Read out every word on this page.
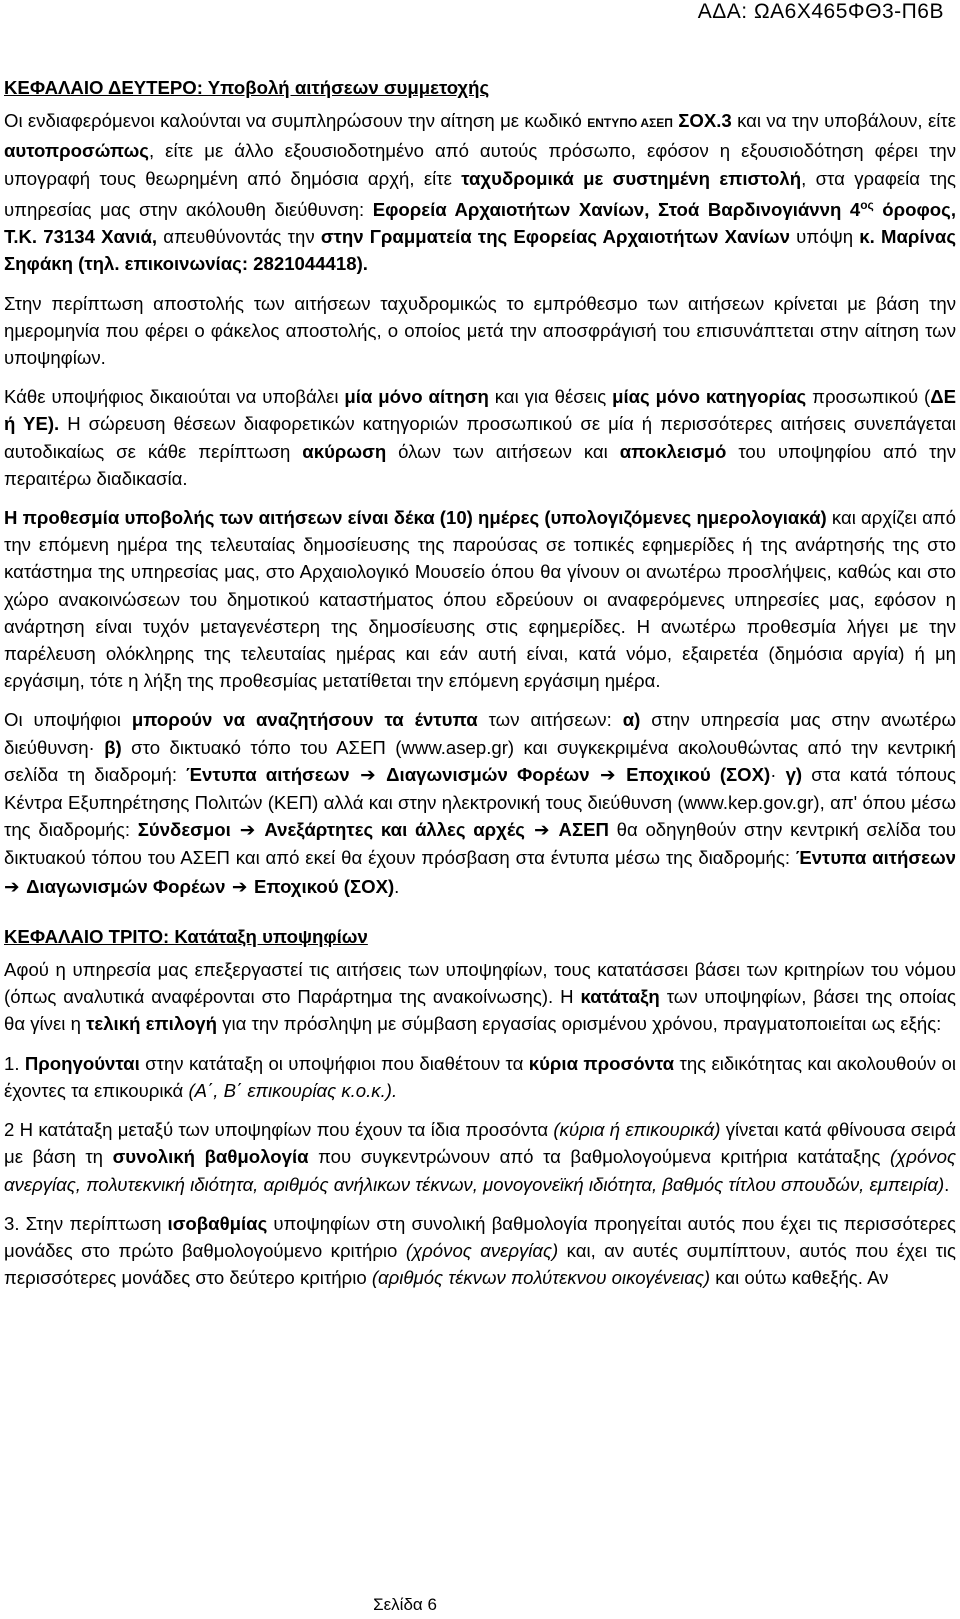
ΑΔΑ: ΩΑ6Χ465ΦΘ3-Π6Β

ΚΕΦΑΛΑΙΟ ΔΕΥΤΕΡΟ: Υποβολή αιτήσεων συμμετοχής

Οι ενδιαφερόμενοι καλούνται να συμπληρώσουν την αίτηση με κωδικό ΕΝΤΥΠΟ ΑΣΕΠ ΣΟΧ.3 και να την υποβάλουν, είτε αυτοπροσώπως, είτε με άλλο εξουσιοδοτημένο από αυτούς πρόσωπο, εφόσον η εξουσιοδότηση φέρει την υπογραφή τους θεωρημένη από δημόσια αρχή, είτε ταχυδρομικά με συστημένη επιστολή, στα γραφεία της υπηρεσίας μας στην ακόλουθη διεύθυνση: Εφορεία Αρχαιοτήτων Χανίων, Στοά Βαρδινογιάννη $4^{o\varsigma}$ όροφος, Τ.Κ. 73134 Χανιά, απευθύνοντάς την στην Γραμματεία της Εφορείας Αρχαιοτήτων Χανίων υπόψη κ. Μαρίνας Σηφάκη (τηλ. επικοινωνίας: 2821044418).

Στην περίπτωση αποστολής των αιτήσεων ταχυδρομικώς το εμπρόθεσμο των αιτήσεων κρίνεται με βάση την ημερομηνία που φέρει ο φάκελος αποστολής, ο οποίος μετά την αποσφράγισή του επισυνάπτεται στην αίτηση των υποψηφίων.

Κάθε υποψήφιος δικαιούται να υποβάλει μία μόνο αίτηση και για θέσεις μίας μόνο κατηγορίας προσωπικού (ΔΕ ή ΥΕ). Η σώρευση θέσεων διαφορετικών κατηγοριών προσωπικού σε μία ή περισσότερες αιτήσεις συνεπάγεται αυτοδικαίως σε κάθε περίπτωση ακύρωση όλων των αιτήσεων και αποκλεισμό του υποψηφίου από την περαιτέρω διαδικασία.

Η προθεσμία υποβολής των αιτήσεων είναι δέκα (10) ημέρες (υπολογιζόμενες ημερολογιακά) και αρχίζει από την επόμενη ημέρα της τελευταίας δημοσίευσης της παρούσας σε τοπικές εφημερίδες ή της ανάρτησής της στο κατάστημα της υπηρεσίας μας, στο Αρχαιολογικό Μουσείο όπου θα γίνουν οι ανωτέρω προσλήψεις, καθώς και στο χώρο ανακοινώσεων του δημοτικού καταστήματος όπου εδρεύουν οι αναφερόμενες υπηρεσίες μας, εφόσον η ανάρτηση είναι τυχόν μεταγενέστερη της δημοσίευσης στις εφημερίδες. Η ανωτέρω προθεσμία λήγει με την παρέλευση ολόκληρης της τελευταίας ημέρας και εάν αυτή είναι, κατά νόμο, εξαιρετέα (δημόσια αργία) ή μη εργάσιμη, τότε η λήξη της προθεσμίας μετατίθεται την επόμενη εργάσιμη ημέρα.

Οι υποψήφιοι μπορούν να αναζητήσουν τα έντυπα των αιτήσεων: α) στην υπηρεσία μας στην ανωτέρω διεύθυνση· β) στο δικτυακό τόπο του ΑΣΕΠ (www.asep.gr) και συγκεκριμένα ακολουθώντας από την κεντρική σελίδα τη διαδρομή: Έντυπα αιτήσεων ➔ Διαγωνισμών Φορέων ➔ Εποχικού (ΣΟΧ)· γ) στα κατά τόπους Κέντρα Εξυπηρέτησης Πολιτών (ΚΕΠ) αλλά και στην ηλεκτρονική τους διεύθυνση (www.kep.gov.gr), απ' όπου μέσω της διαδρομής: Σύνδεσμοι ➔ Ανεξάρτητες και άλλες αρχές ➔ ΑΣΕΠ θα οδηγηθούν στην κεντρική σελίδα του δικτυακού τόπου του ΑΣΕΠ και από εκεί θα έχουν πρόσβαση στα έντυπα μέσω της διαδρομής: Έντυπα αιτήσεων ➔ Διαγωνισμών Φορέων ➔ Εποχικού (ΣΟΧ).

ΚΕΦΑΛΑΙΟ ΤΡΙΤΟ: Κατάταξη υποψηφίων

Αφού η υπηρεσία μας επεξεργαστεί τις αιτήσεις των υποψηφίων, τους κατατάσσει βάσει των κριτηρίων του νόμου (όπως αναλυτικά αναφέρονται στο Παράρτημα της ανακοίνωσης). Η κατάταξη των υποψηφίων, βάσει της οποίας θα γίνει η τελική επιλογή για την πρόσληψη με σύμβαση εργασίας ορισμένου χρόνου, πραγματοποιείται ως εξής:

1. Προηγούνται στην κατάταξη οι υποψήφιοι που διαθέτουν τα κύρια προσόντα της ειδικότητας και ακολουθούν οι έχοντες τα επικουρικά (Α΄, Β΄ επικουρίας κ.ο.κ.).

2 Η κατάταξη μεταξύ των υποψηφίων που έχουν τα ίδια προσόντα (κύρια ή επικουρικά) γίνεται κατά φθίνουσα σειρά με βάση τη συνολική βαθμολογία που συγκεντρώνουν από τα βαθμολογούμενα κριτήρια κατάταξης (χρόνος ανεργίας, πολυτεκνική ιδιότητα, αριθμός ανήλικων τέκνων, μονογονεϊκή ιδιότητα, βαθμός τίτλου σπουδών, εμπειρία).

3. Στην περίπτωση ισοβαθμίας υποψηφίων στη συνολική βαθμολογία προηγείται αυτός που έχει τις περισσότερες μονάδες στο πρώτο βαθμολογούμενο κριτήριο (χρόνος ανεργίας) και, αν αυτές συμπίπτουν, αυτός που έχει τις περισσότερες μονάδες στο δεύτερο κριτήριο (αριθμός τέκνων πολύτεκνου οικογένειας) και ούτω καθεξής. Αν

Σελίδα 6
